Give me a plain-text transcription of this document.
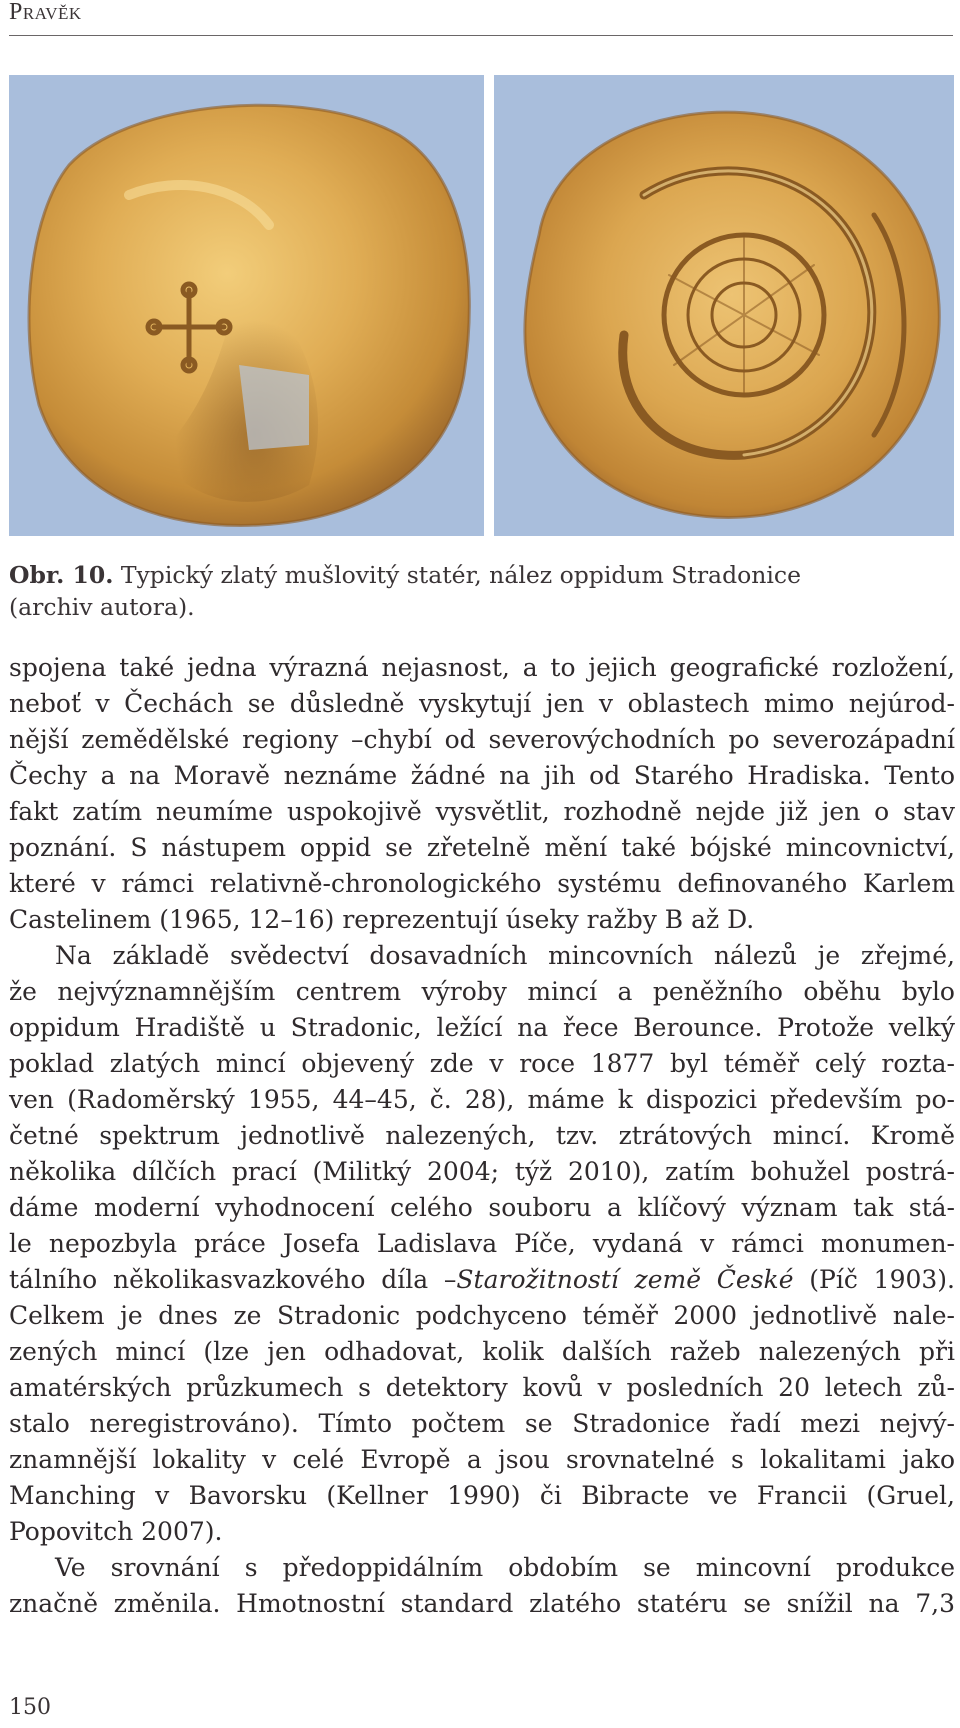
Pravěk
Obr. 10. Typický zlatý mušlovitý statér, nález oppidum Stradonice
(archiv autora).
spojena také jedna výrazná nejasnost, a to jejich geografické rozložení,
neboť v Čechách se důsledně vyskytují jen v oblastech mimo nejúrod-
nější zemědělské regiony –chybí od severovýchodních po severozápadní
Čechy a na Moravě neznáme žádné na jih od Starého Hradiska. Tento
fakt zatím neumíme uspokojivě vysvětlit, rozhodně nejde již jen o stav
poznání. S nástupem oppid se zřetelně mění také bójské mincovnictví,
které v rámci relativně-chronologického systému definovaného Karlem
Castelinem (1965, 12–16) reprezentují úseky ražby B až D.
Na základě svědectví dosavadních mincovních nálezů je zřejmé,
že nejvýznamnějším centrem výroby mincí a peněžního oběhu bylo
oppidum Hradiště u Stradonic, ležící na řece Berounce. Protože velký
poklad zlatých mincí objevený zde v roce 1877 byl téměř celý rozta-
ven (Radoměrský 1955, 44–45, č. 28), máme k dispozici především po-
četné spektrum jednotlivě nalezených, tzv. ztrátových mincí. Kromě
několika dílčích prací (Militký 2004; týž 2010), zatím bohužel postrá-
dáme moderní vyhodnocení celého souboru a klíčový význam tak stá-
le nepozbyla práce Josefa Ladislava Píče, vydaná v rámci monumen-
tálního několikasvazkového díla –Starožitností země České (Píč 1903).
Celkem je dnes ze Stradonic podchyceno téměř 2000 jednotlivě nale-
zených mincí (lze jen odhadovat, kolik dalších ražeb nalezených při
amatérských průzkumech s detektory kovů v posledních 20 letech zů-
stalo neregistrováno). Tímto počtem se Stradonice řadí mezi nejvý-
znamnější lokality v celé Evropě a jsou srovnatelné s lokalitami jako
Manching v Bavorsku (Kellner 1990) či Bibracte ve Francii (Gruel,
Popovitch 2007).
Ve srovnání s předoppidálním obdobím se mincovní produkce
značně změnila. Hmotnostní standard zlatého statéru se snížil na 7,3
150
